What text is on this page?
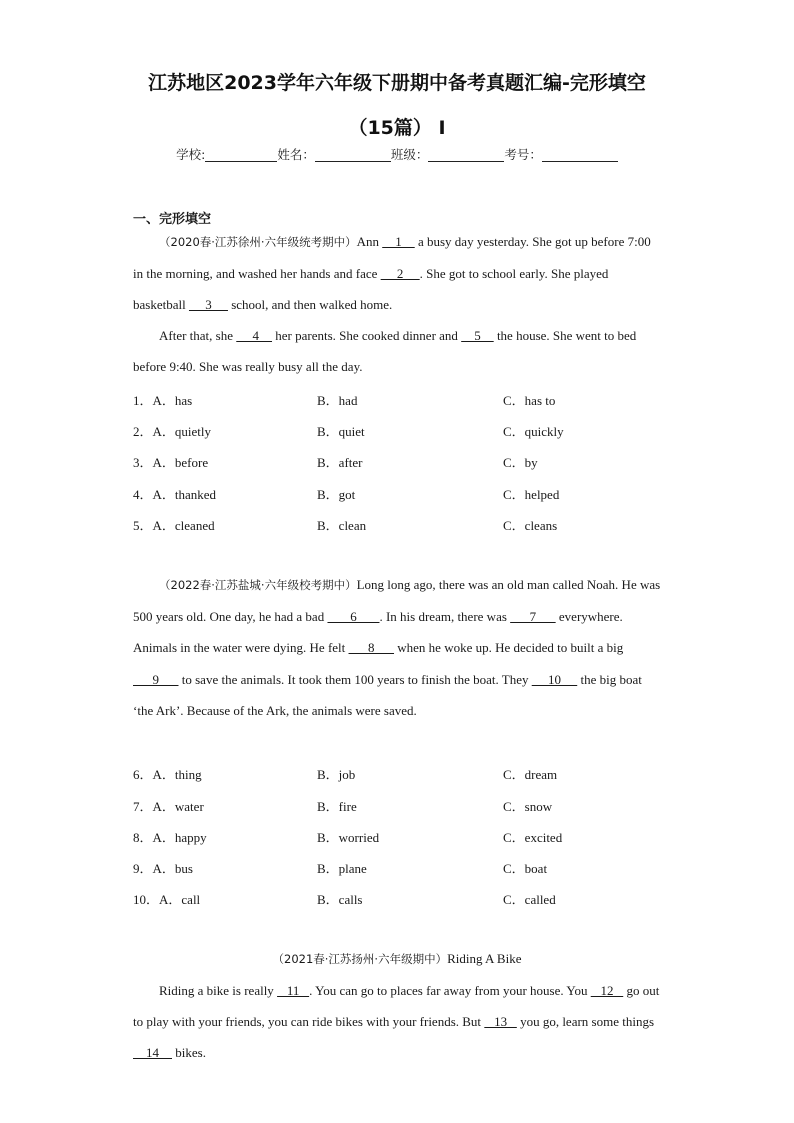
江苏地区2023学年六年级下册期中备考真题汇编-完形填空
（15篇） I
学校:	姓名：	班级：	考号：
一、完形填空

（2020春·江苏徐州·六年级统考期中）Ann     1     a busy day yesterday. She got up before 7:00 in the morning, and washed her hands and face      2     . She got to school early. She played basketball      3      school, and then walked home.

After that, she      4     her parents. She cooked dinner and     5     the house. She went to bed before 9:40. She was really busy all the day.

1．A．has	B．had	C．has to
2．A．quietly	B．quiet	C．quickly
3．A．before	B．after	C．by
4．A．thanked	B．got	C．helped
5．A．cleaned	B．clean	C．cleans

（2022春·江苏盐城·六年级校考期中）Long long ago, there was an old man called Noah. He was 500 years old. One day, he had a bad        6       . In his dream, there was       7       everywhere. Animals in the water were dying. He felt       8       when he woke up. He decided to built a big       9       to save the animals. It took them 100 years to finish the boat. They      10      the big boat ‘the Ark’. Because of the Ark, the animals were saved.

6．A．thing	B．job	C．dream
7．A．water	B．fire	C．snow
8．A．happy	B．worried	C．excited
9．A．bus	B．plane	C．boat
10．A．call	B．calls	C．called
（2021春·江苏扬州·六年级期中）Riding A Bike

Riding a bike is really    11   . You can go to places far away from your house. You    12    go out to play with your friends, you can ride bikes with your friends. But    13    you go, learn some things     14     bikes.
